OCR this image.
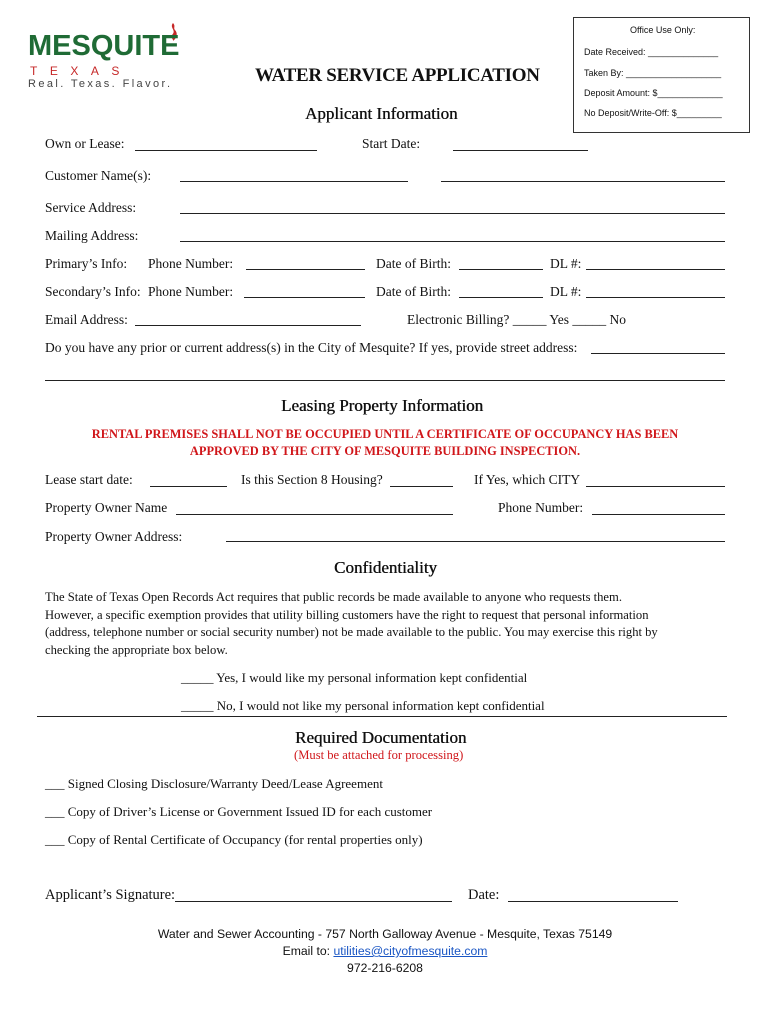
MESQUITE
TEXAS
Real. Texas. Flavor.
Office Use Only:
Date Received: ______________
Taken By: ___________________
Deposit Amount: $_____________
No Deposit/Write-Off: $_________
WATER SERVICE APPLICATION
Applicant Information
Own or Lease:	Start Date:
Customer Name(s):
Service Address:
Mailing Address:
Primary’s Info: Phone Number:	Date of Birth:	DL #:
Secondary’s Info: Phone Number:	Date of Birth:	DL #:
Email Address:	Electronic Billing? _____ Yes _____ No
Do you have any prior or current address(s) in the City of Mesquite? If yes, provide street address:
Leasing Property Information
RENTAL PREMISES SHALL NOT BE OCCUPIED UNTIL A CERTIFICATE OF OCCUPANCY HAS BEEN
APPROVED BY THE CITY OF MESQUITE BUILDING INSPECTION.
Lease start date:	Is this Section 8 Housing?	If Yes, which CITY
Property Owner Name	Phone Number:
Property Owner Address:
Confidentiality
The State of Texas Open Records Act requires that public records be made available to anyone who requests them.
However, a specific exemption provides that utility billing customers have the right to request that personal information
(address, telephone number or social security number) not be made available to the public. You may exercise this right by
checking the appropriate box below.
_____ Yes, I would like my personal information kept confidential
_____ No, I would not like my personal information kept confidential
Required Documentation
(Must be attached for processing)
___ Signed Closing Disclosure/Warranty Deed/Lease Agreement
___ Copy of Driver’s License or Government Issued ID for each customer
___ Copy of Rental Certificate of Occupancy (for rental properties only)
Applicant’s Signature:	Date:
Water and Sewer Accounting - 757 North Galloway Avenue - Mesquite, Texas 75149
Email to: utilities@cityofmesquite.com
972-216-6208
